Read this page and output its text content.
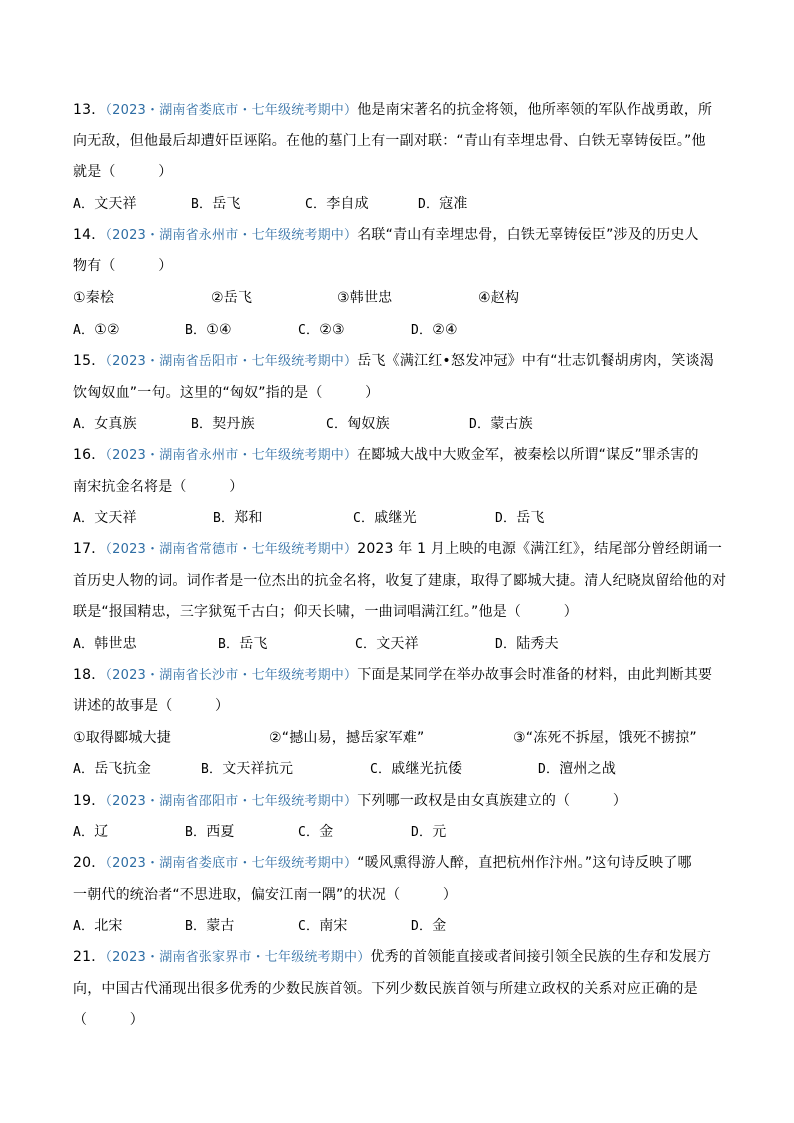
13．（2023・湖南省娄底市・七年级统考期中）他是南宋著名的抗金将领，他所率领的军队作战勇敢，所
向无敌，但他最后却遭奸臣诬陷。在他的墓门上有一副对联：“青山有幸埋忠骨、白铁无辜铸佞臣。”他
就是（　　　）
A．文天祥	B．岳飞	C．李自成	D．寇准
14．（2023・湖南省永州市・七年级统考期中）名联“青山有幸埋忠骨，白铁无辜铸佞臣”涉及的历史人
物有（　　　）
①秦桧	②岳飞	③韩世忠	④赵构
A．①②	B．①④	C．②③	D．②④
15．（2023・湖南省岳阳市・七年级统考期中）岳飞《满江红•怒发冲冠》中有“壮志饥餐胡虏肉，笑谈渴
饮匈奴血”一句。这里的“匈奴”指的是（　　　）
A．女真族	B．契丹族	C．匈奴族	D．蒙古族
16．（2023・湖南省永州市・七年级统考期中）在郾城大战中大败金军，被秦桧以所谓“谋反”罪杀害的
南宋抗金名将是（　　　）
A．文天祥	B．郑和	C．戚继光	D．岳飞
17．（2023・湖南省常德市・七年级统考期中）2023 年 1 月上映的电源《满江红》，结尾部分曾经朗诵一
首历史人物的词。词作者是一位杰出的抗金名将，收复了建康，取得了郾城大捷。清人纪晓岚留给他的对
联是“报国精忠，三字狱冤千古白；仰天长啸，一曲词唱满江红。”他是（　　　）
A．韩世忠	B．岳飞	C．文天祥	D．陆秀夫
18．（2023・湖南省长沙市・七年级统考期中）下面是某同学在举办故事会时准备的材料，由此判断其要
讲述的故事是（　　　）
①取得郾城大捷	②“撼山易，撼岳家军难”	③“冻死不拆屋，饿死不掳掠”
A．岳飞抗金	B．文天祥抗元	C．戚继光抗倭	D．澶州之战
19．（2023・湖南省邵阳市・七年级统考期中）下列哪一政权是由女真族建立的（　　　）
A．辽	B．西夏	C．金	D．元
20．（2023・湖南省娄底市・七年级统考期中）“暖风熏得游人醉，直把杭州作汴州。”这句诗反映了哪
一朝代的统治者“不思进取，偏安江南一隅”的状况（　　　）
A．北宋	B．蒙古	C．南宋	D．金
21．（2023・湖南省张家界市・七年级统考期中）优秀的首领能直接或者间接引领全民族的生存和发展方
向，中国古代涌现出很多优秀的少数民族首领。下列少数民族首领与所建立政权的关系对应正确的是
（　　　）
